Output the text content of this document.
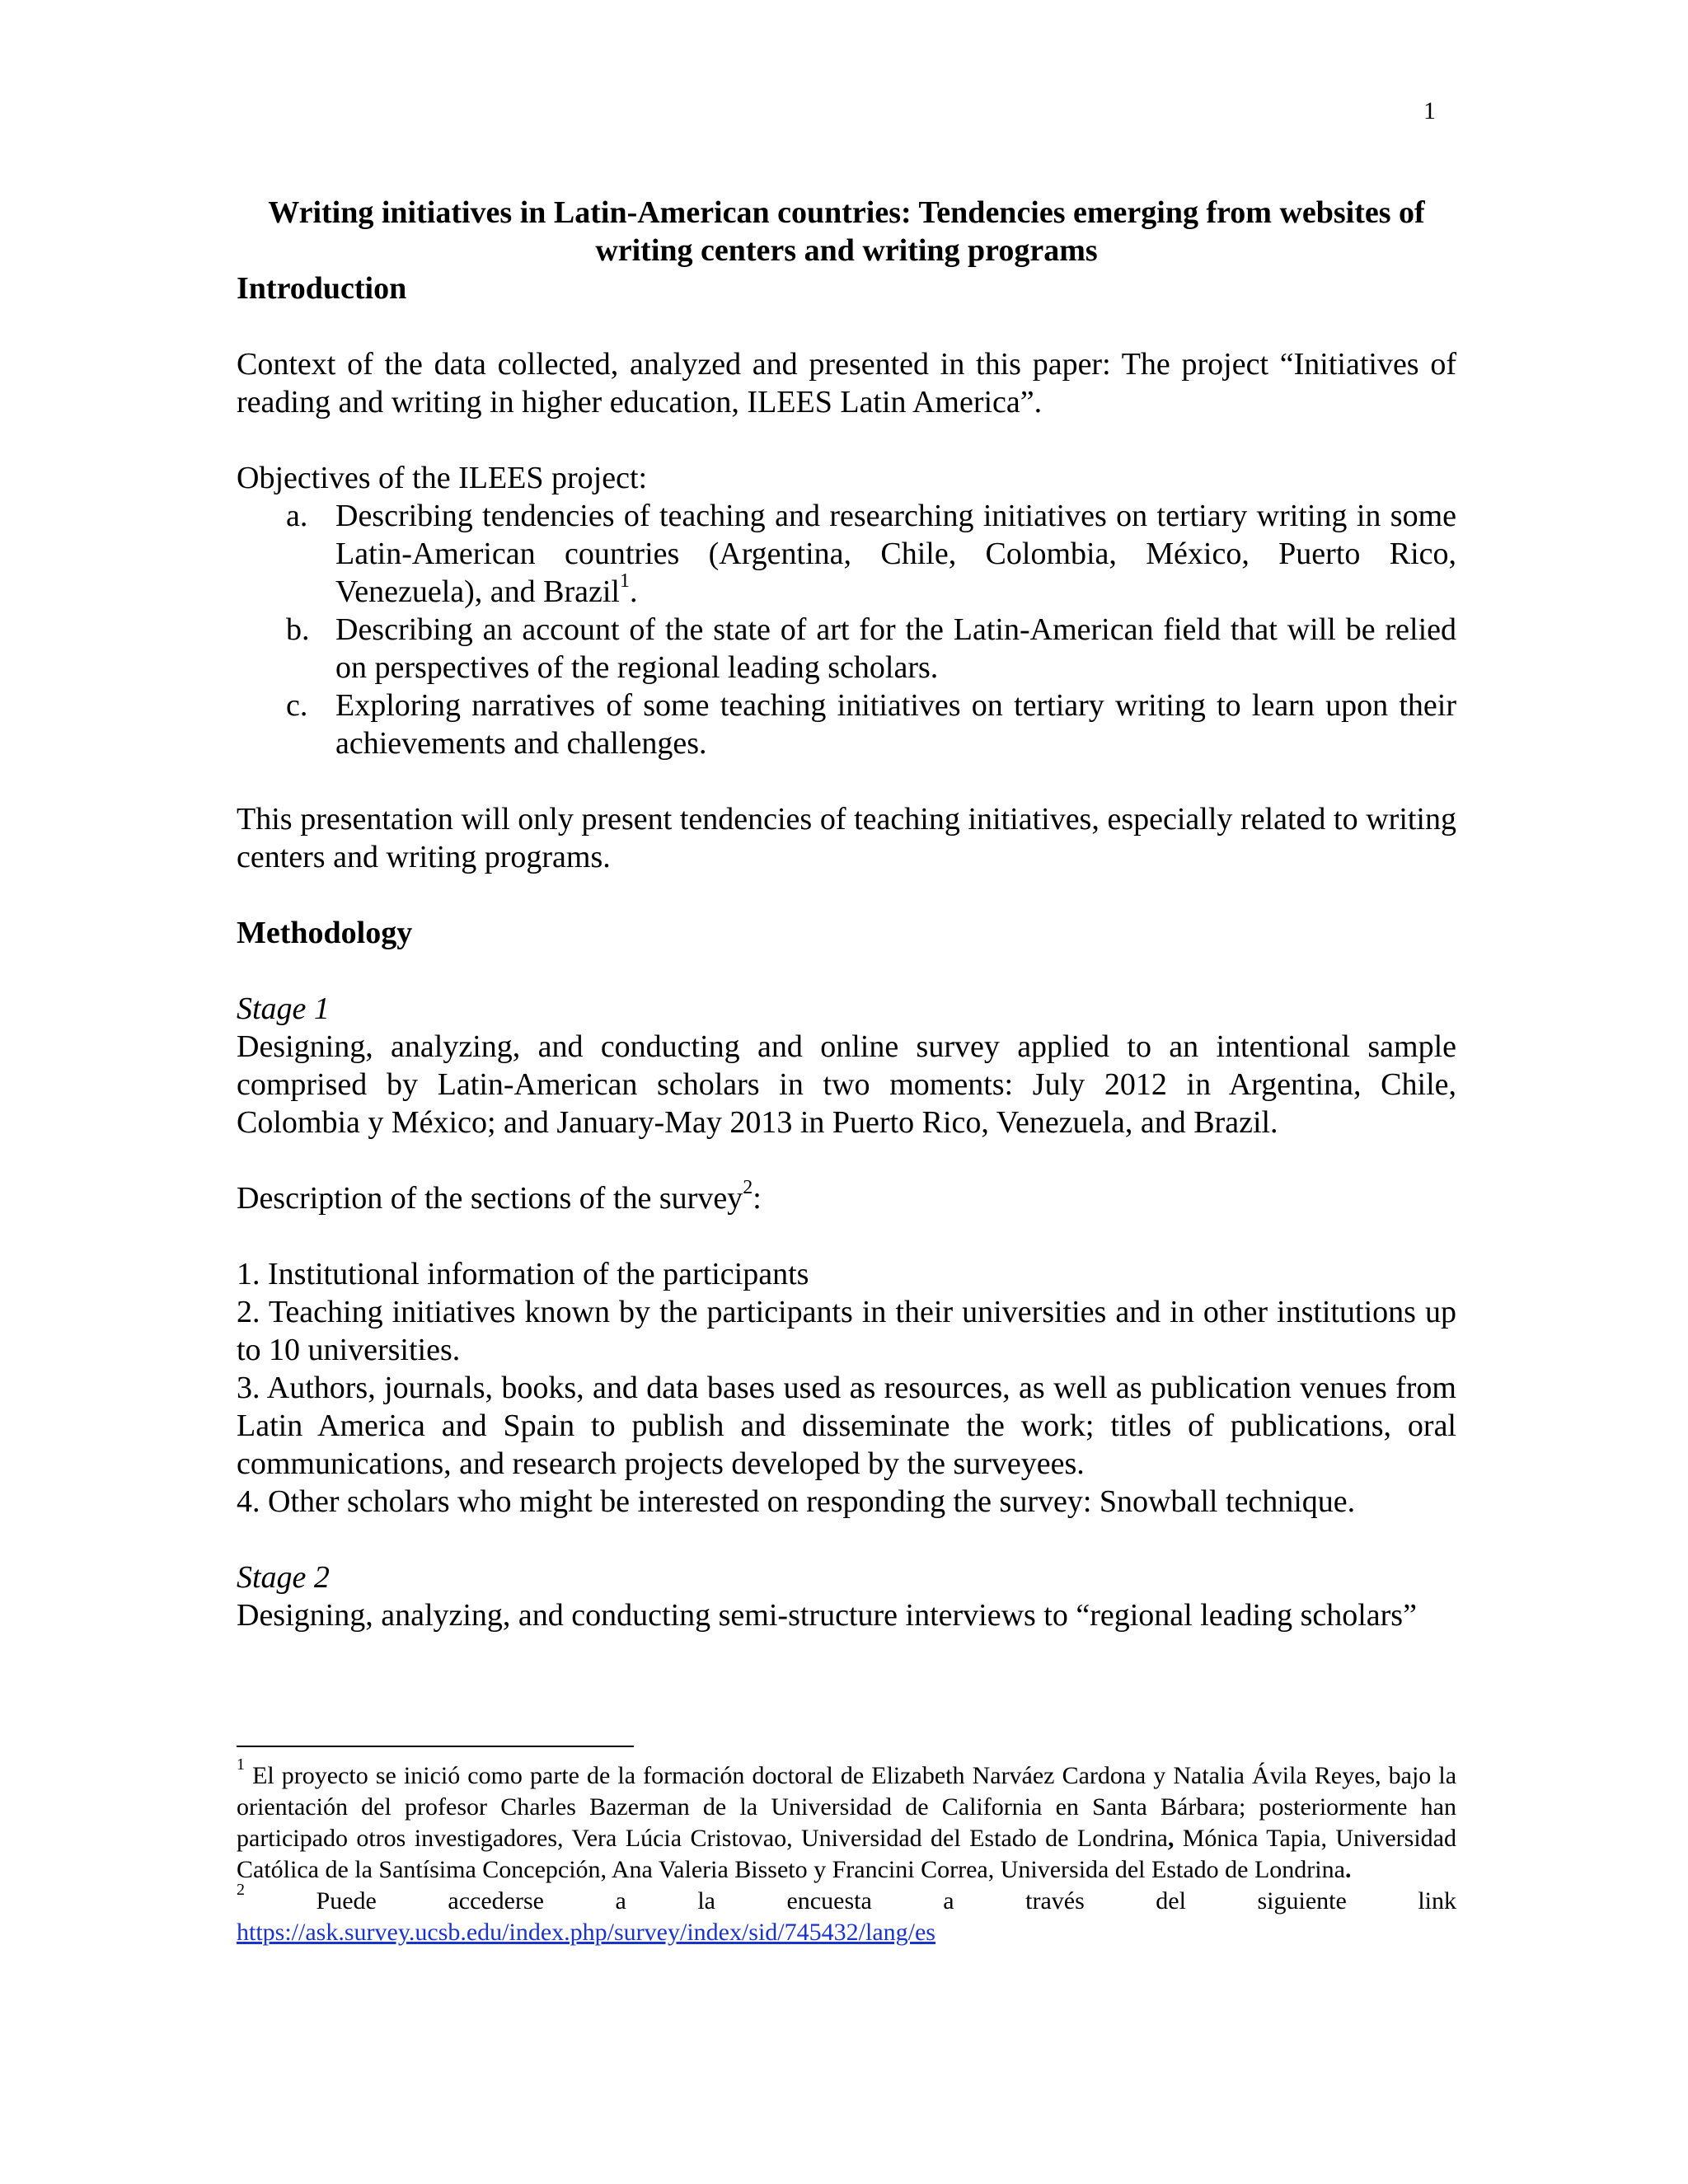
1

Writing initiatives in Latin-American countries: Tendencies emerging from websites of writing centers and writing programs

Introduction

Context of the data collected, analyzed and presented in this paper: The project “Initiatives of reading and writing in higher education, ILEES Latin America”.

Objectives of the ILEES project:

a. Describing tendencies of teaching and researching initiatives on tertiary writing in some Latin-American countries (Argentina, Chile, Colombia, México, Puerto Rico, Venezuela), and Brazil$^1$.
b. Describing an account of the state of art for the Latin-American field that will be relied on perspectives of the regional leading scholars.
c. Exploring narratives of some teaching initiatives on tertiary writing to learn upon their achievements and challenges.

This presentation will only present tendencies of teaching initiatives, especially related to writing centers and writing programs.

Methodology

Stage 1

Designing, analyzing, and conducting and online survey applied to an intentional sample comprised by Latin-American scholars in two moments: July 2012 in Argentina, Chile, Colombia y México; and January-May 2013 in Puerto Rico, Venezuela, and Brazil.

Description of the sections of the survey$^2$:

1. Institutional information of the participants

2. Teaching initiatives known by the participants in their universities and in other institutions up to 10 universities.

3. Authors, journals, books, and data bases used as resources, as well as publication venues from Latin America and Spain to publish and disseminate the work; titles of publications, oral communications, and research projects developed by the surveyees.

4. Other scholars who might be interested on responding the survey: Snowball technique.

Stage 2

Designing, analyzing, and conducting semi-structure interviews to “regional leading scholars”

$^1$ El proyecto se inició como parte de la formación doctoral de Elizabeth Narváez Cardona y Natalia Ávila Reyes, bajo la orientación del profesor Charles Bazerman de la Universidad de California en Santa Bárbara; posteriormente han participado otros investigadores, Vera Lúcia Cristovao, Universidad del Estado de Londrina, Mónica Tapia, Universidad Católica de la Santísima Concepción, Ana Valeria Bisseto y Francini Correa, Universida del Estado de Londrina.

$^2$	Puede accederse a la encuesta a través del siguiente link

https://ask.survey.ucsb.edu/index.php/survey/index/sid/745432/lang/es
